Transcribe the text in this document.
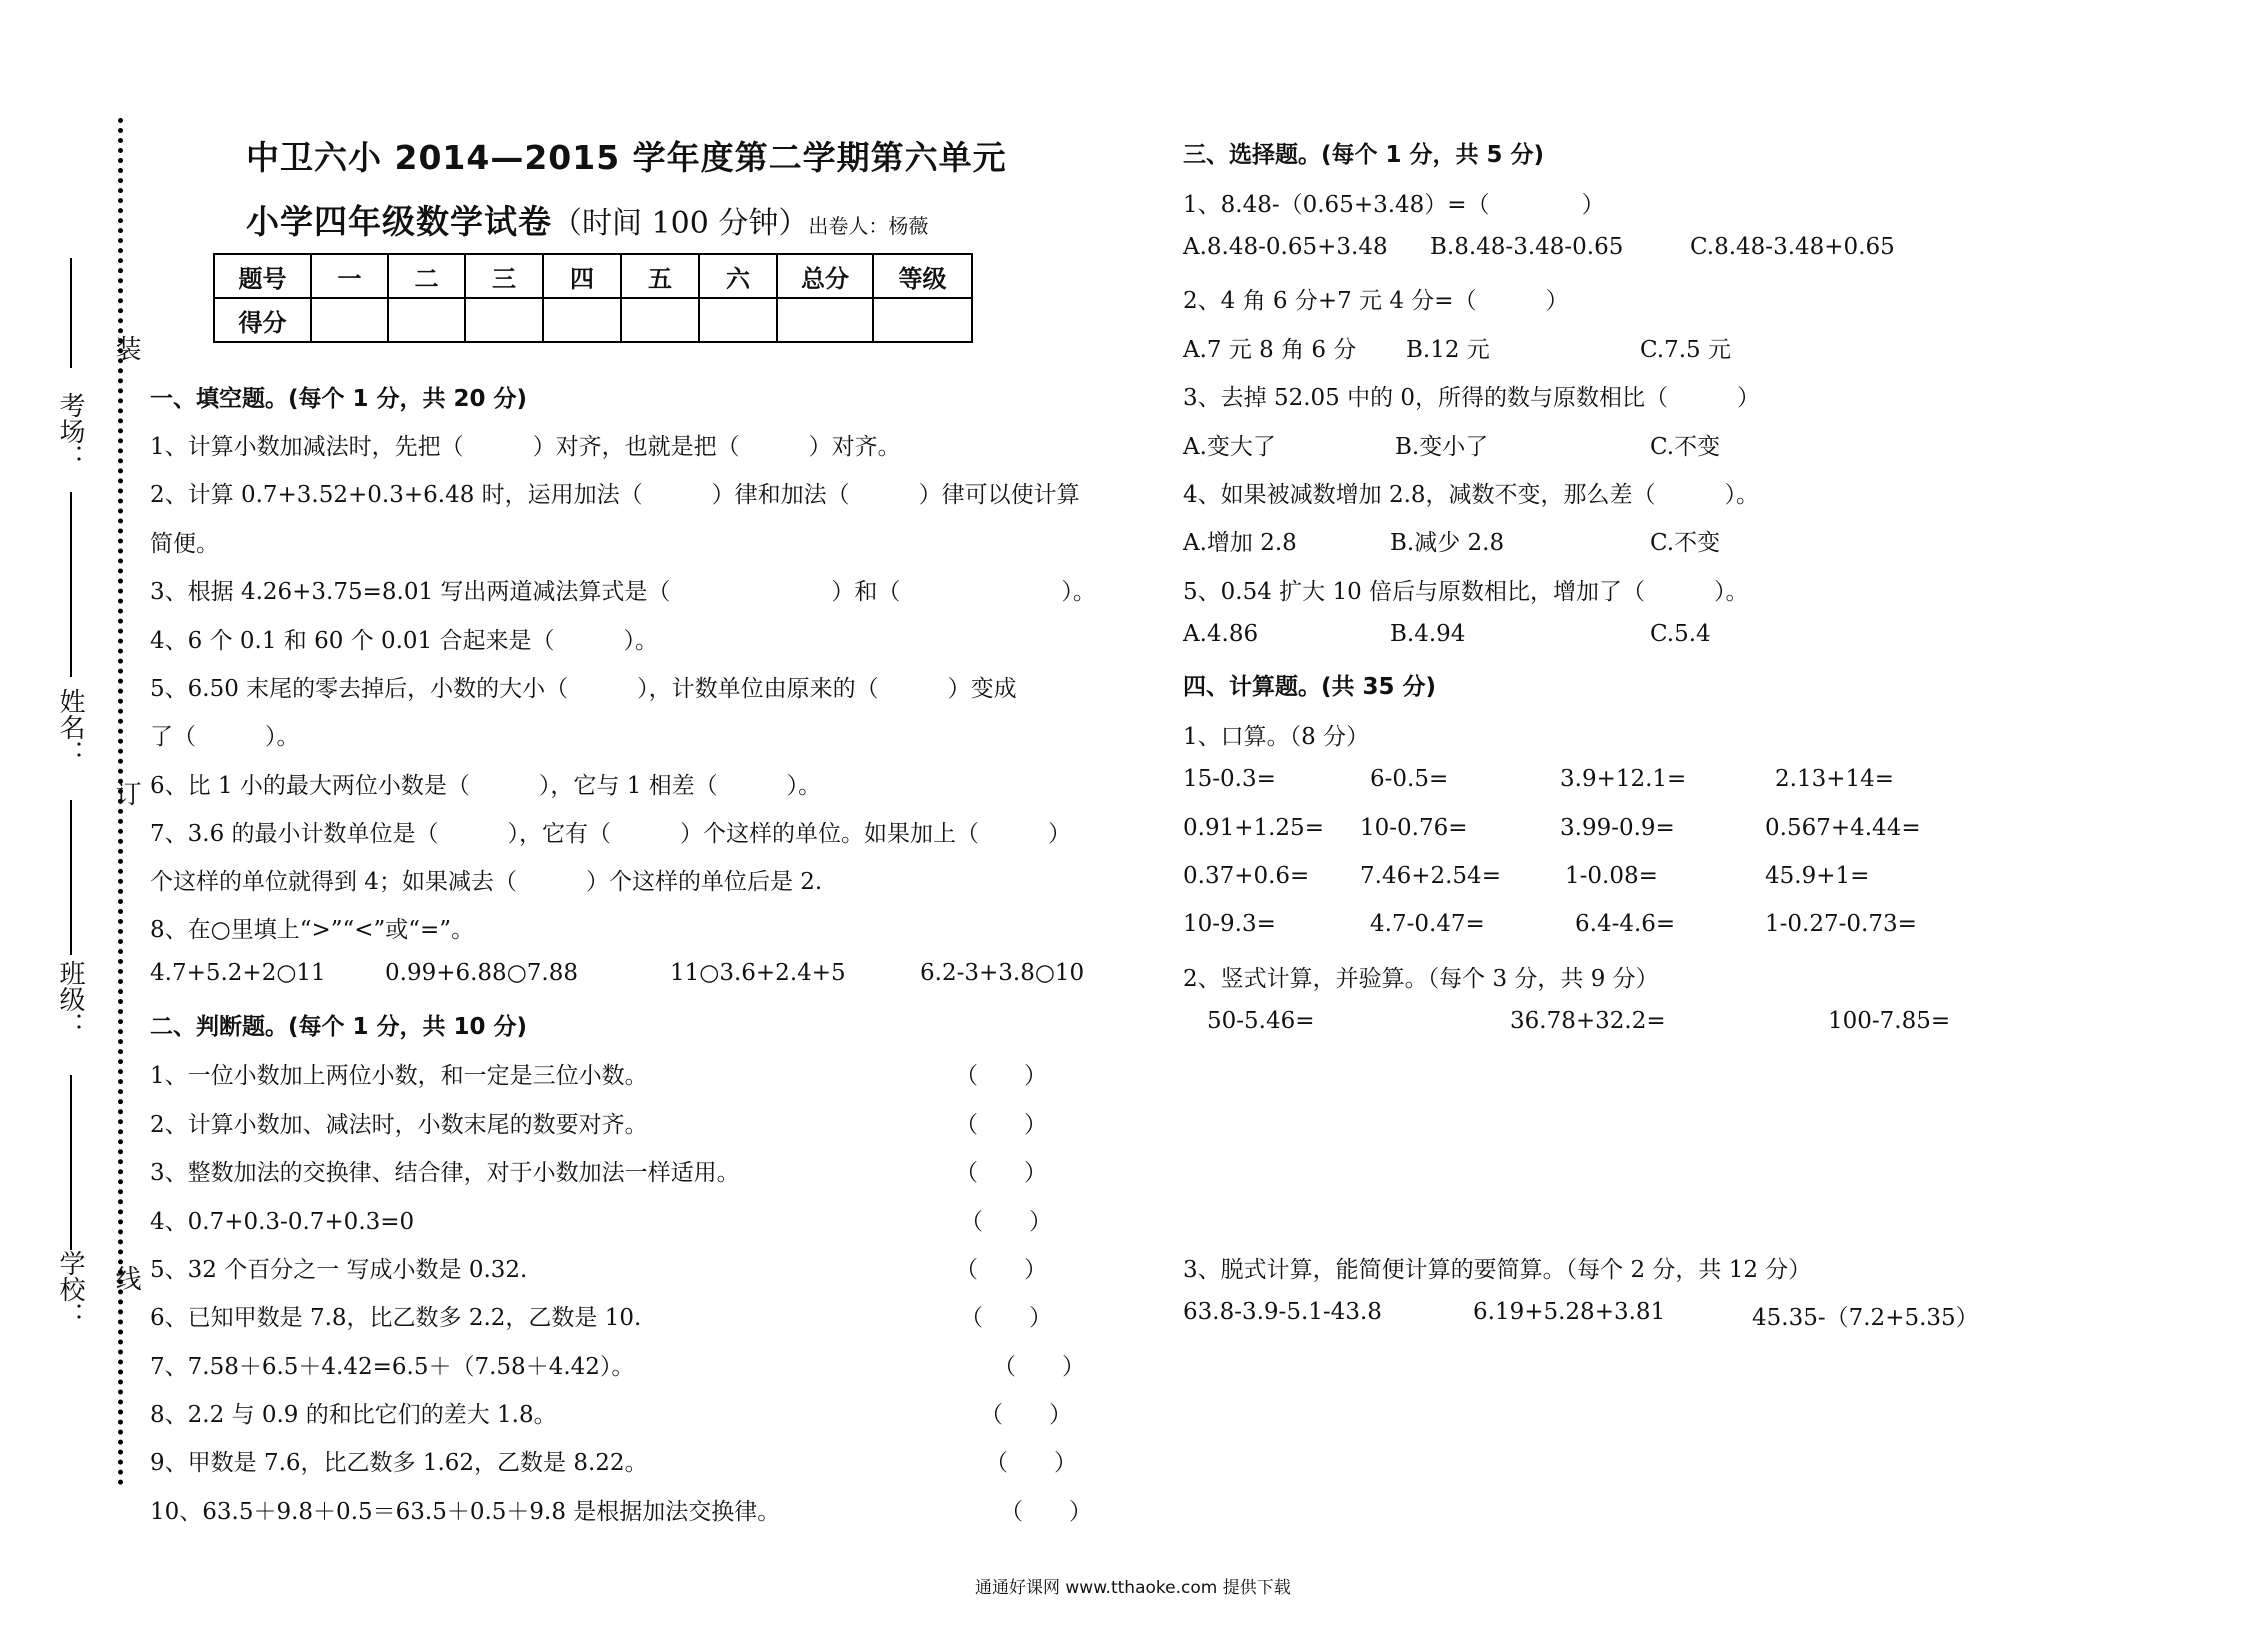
考场：
姓名：
班级：
学校：
装
订
线
中卫六小 2014—2015 学年度第二学期第六单元
小学四年级数学试卷（时间 100 分钟）出卷人：杨薇
题号	一	二	三	四	五	六	总分	等级
得分								
一、填空题。(每个 1 分，共 20 分)
1、计算小数加减法时，先把（　　　）对齐，也就是把（　　　）对齐。
2、计算 0.7+3.52+0.3+6.48 时，运用加法（　　　）律和加法（　　　）律可以使计算
简便。
3、根据 4.26+3.75=8.01 写出两道减法算式是（　　　　　　　）和（　　　　　　　）。
4、6 个 0.1 和 60 个 0.01 合起来是（　　　）。
5、6.50 末尾的零去掉后，小数的大小（　　　），计数单位由原来的（　　　）变成
了（　　　）。
6、比 1 小的最大两位小数是（　　　），它与 1 相差（　　　）。
7、3.6 的最小计数单位是（　　　），它有（　　　）个这样的单位。如果加上（　　　）
个这样的单位就得到 4；如果减去（　　　）个这样的单位后是 2.
8、在○里填上“>”“<”或“=”。
4.7+5.2+2○11	0.99+6.88○7.88	11○3.6+2.4+5	6.2-3+3.8○10
二、判断题。(每个 1 分，共 10 分)
1、一位小数加上两位小数，和一定是三位小数。	（　　）
2、计算小数加、减法时，小数末尾的数要对齐。	（　　）
3、整数加法的交换律、结合律，对于小数加法一样适用。	（　　）
4、0.7+0.3-0.7+0.3=0	（　　）
5、32 个百分之一 写成小数是 0.32.	（　　）
6、已知甲数是 7.8，比乙数多 2.2，乙数是 10.	（　　）
7、7.58＋6.5＋4.42=6.5＋（7.58＋4.42）。	（　　）
8、2.2 与 0.9 的和比它们的差大 1.8。	（　　）
9、甲数是 7.6，比乙数多 1.62，乙数是 8.22。	（　　）
10、63.5＋9.8＋0.5＝63.5＋0.5＋9.8 是根据加法交换律。	（　　）
三、选择题。(每个 1 分，共 5 分)
1、8.48-（0.65+3.48）=（　　　　）
A.8.48-0.65+3.48 B.8.48-3.48-0.65	C.8.48-3.48+0.65
2、4 角 6 分+7 元 4 分=（　　　）
A.7 元 8 角 6 分 B.12 元	C.7.5 元
3、去掉 52.05 中的 0，所得的数与原数相比（　　　）
A.变大了	B.变小了	C.不变
4、如果被减数增加 2.8，减数不变，那么差（　　　）。
A.增加 2.8	B.减少 2.8	C.不变
5、0.54 扩大 10 倍后与原数相比，增加了（　　　）。
A.4.86	B.4.94	C.5.4
四、计算题。(共 35 分)
1、口算。（8 分）
15-0.3=	6-0.5=	3.9+12.1=	2.13+14=
0.91+1.25= 10-0.76=	3.99-0.9=	0.567+4.44=
0.37+0.6= 7.46+2.54=	1-0.08=	45.9+1=
10-9.3=	4.7-0.47=	6.4-4.6=	1-0.27-0.73=
2、竖式计算，并验算。（每个 3 分，共 9 分）
50-5.46=	36.78+32.2=	100-7.85=
3、脱式计算，能简便计算的要简算。（每个 2 分，共 12 分）
63.8-3.9-5.1-43.8	6.19+5.28+3.81	45.35-（7.2+5.35）
通通好课网 www.tthaoke.com 提供下载
